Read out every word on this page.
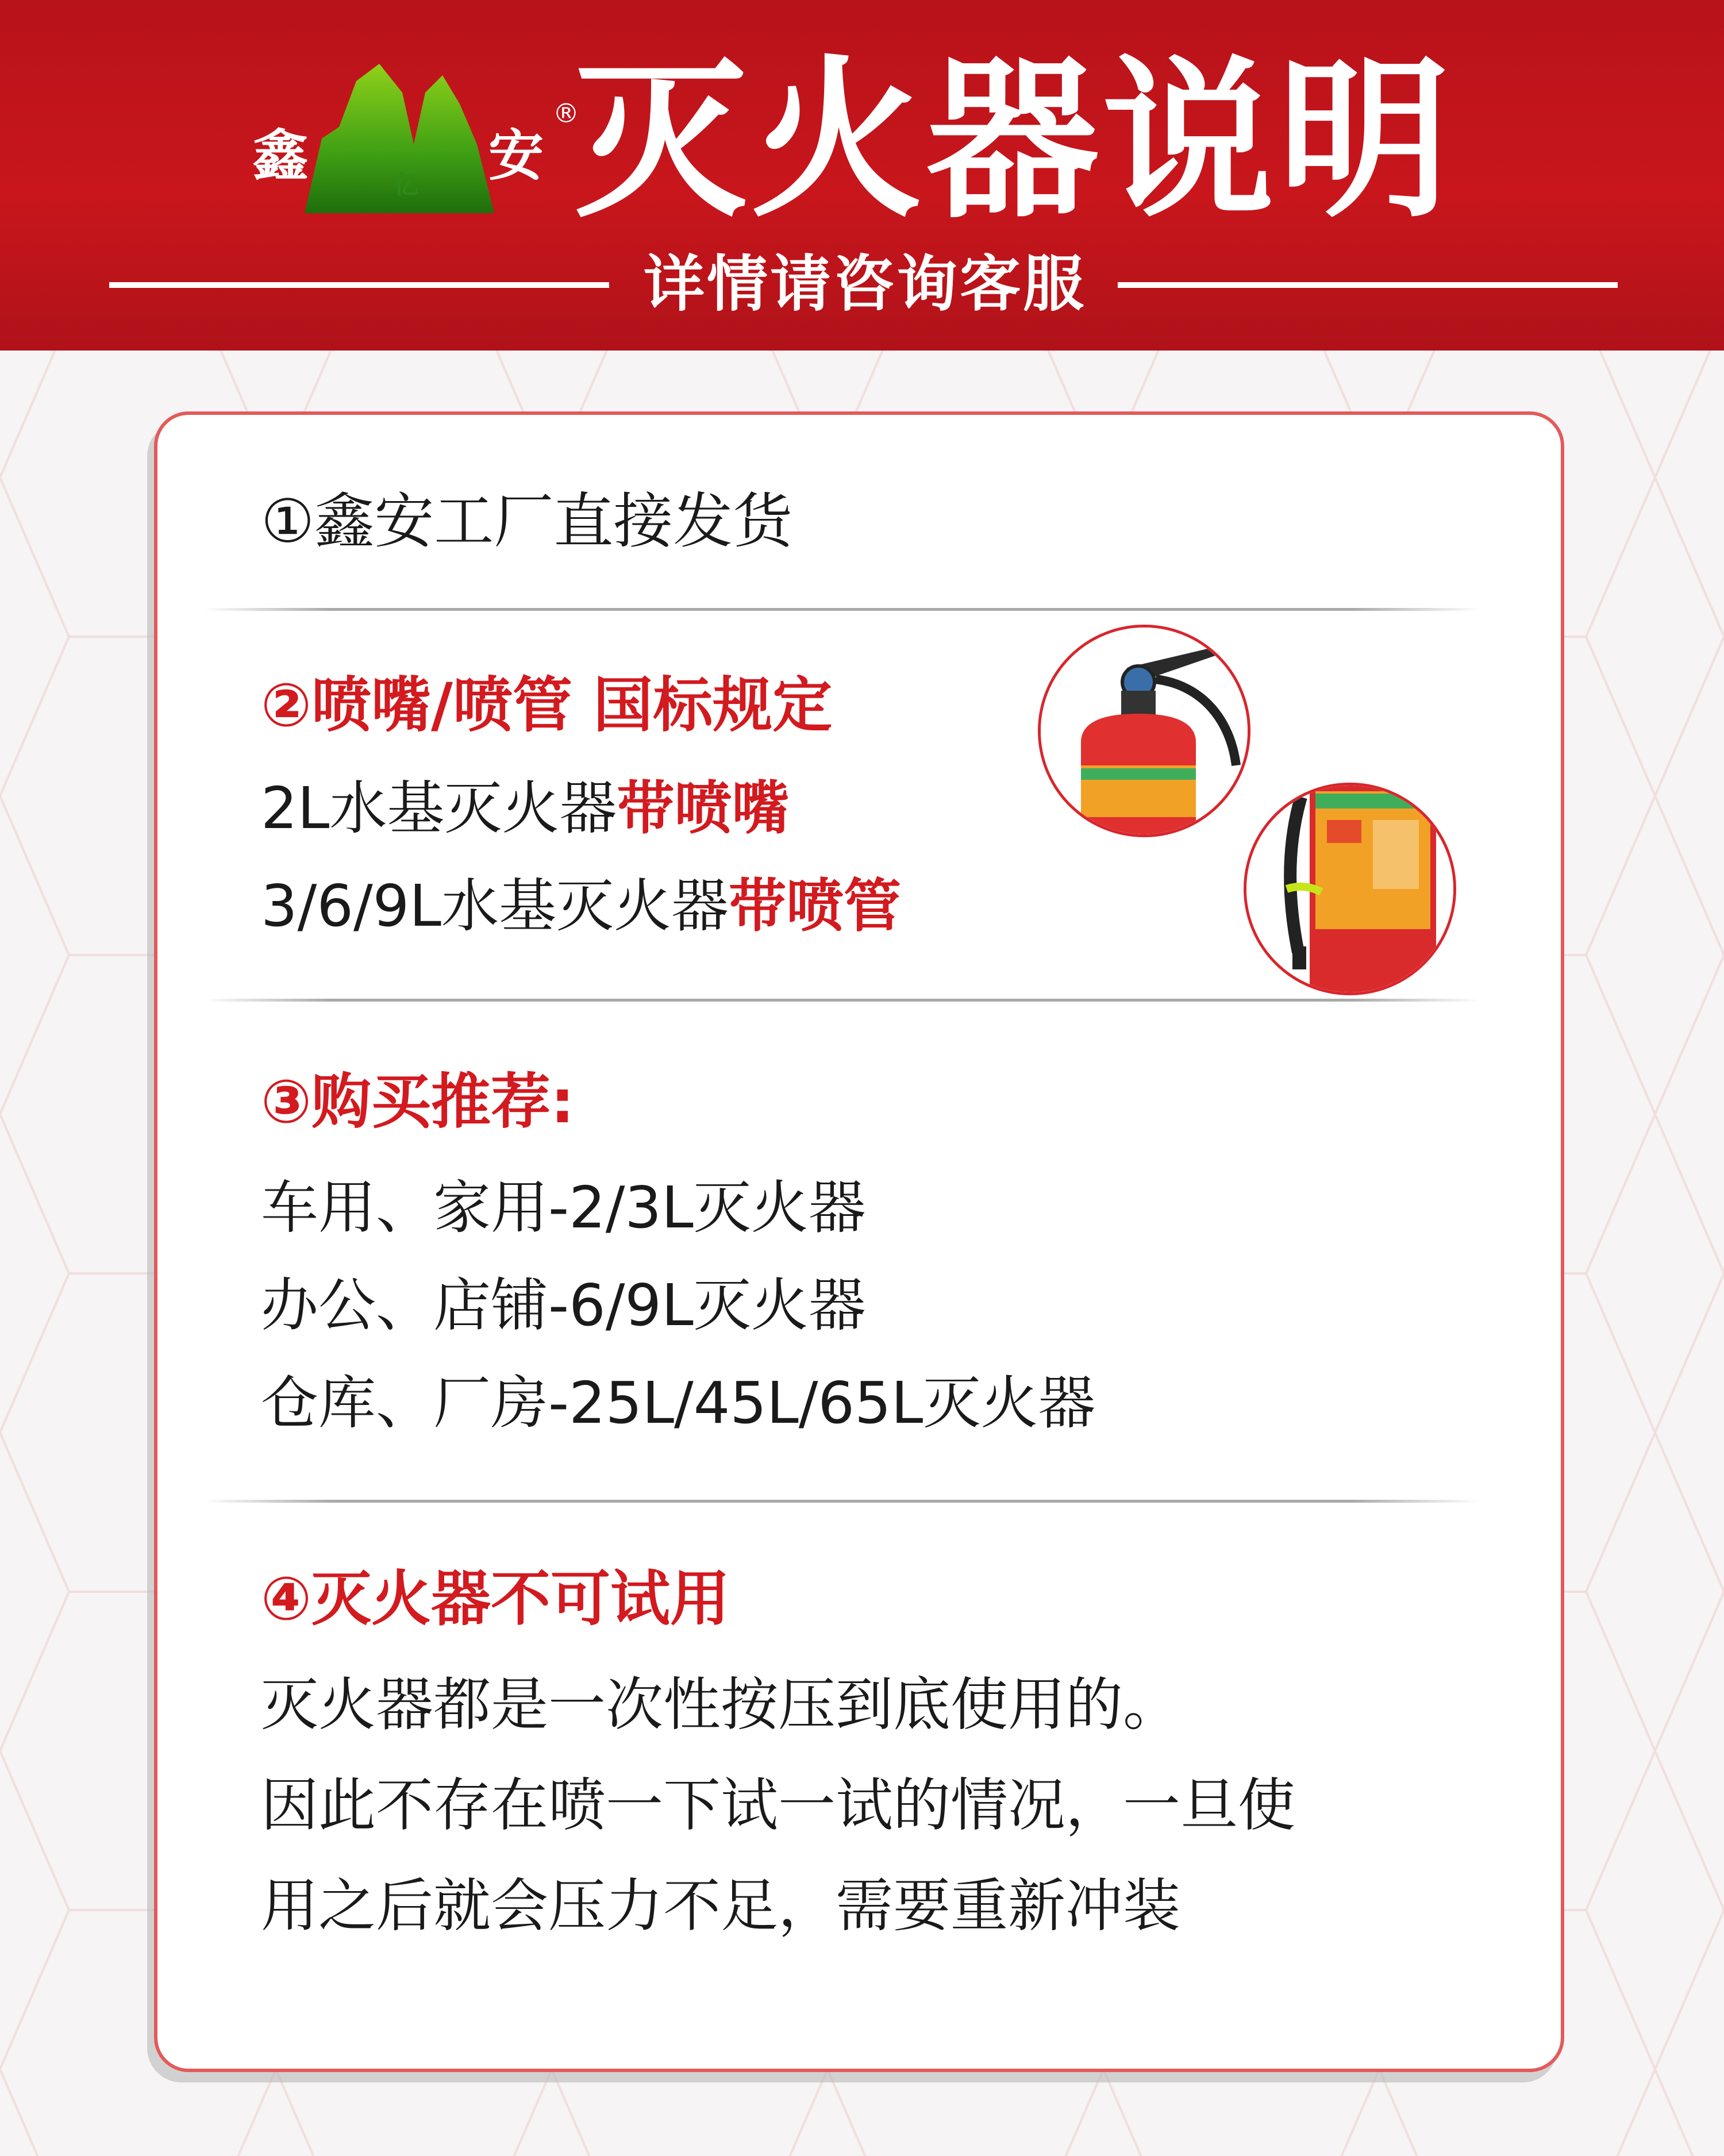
鑫	安
®
亿 灭火器说明
详情请咨询客服
①鑫安工厂直接发货
②喷嘴/喷管 国标规定
2L水基灭火器带喷嘴
3/6/9L水基灭火器带喷管
③购买推荐:
车用、家用-2/3L灭火器
办公、店铺-6/9L灭火器
仓库、厂房-25L/45L/65L灭火器
④灭火器不可试用
灭火器都是一次性按压到底使用的。
因此不存在喷一下试一试的情况，一旦使
用之后就会压力不足，需要重新冲装
